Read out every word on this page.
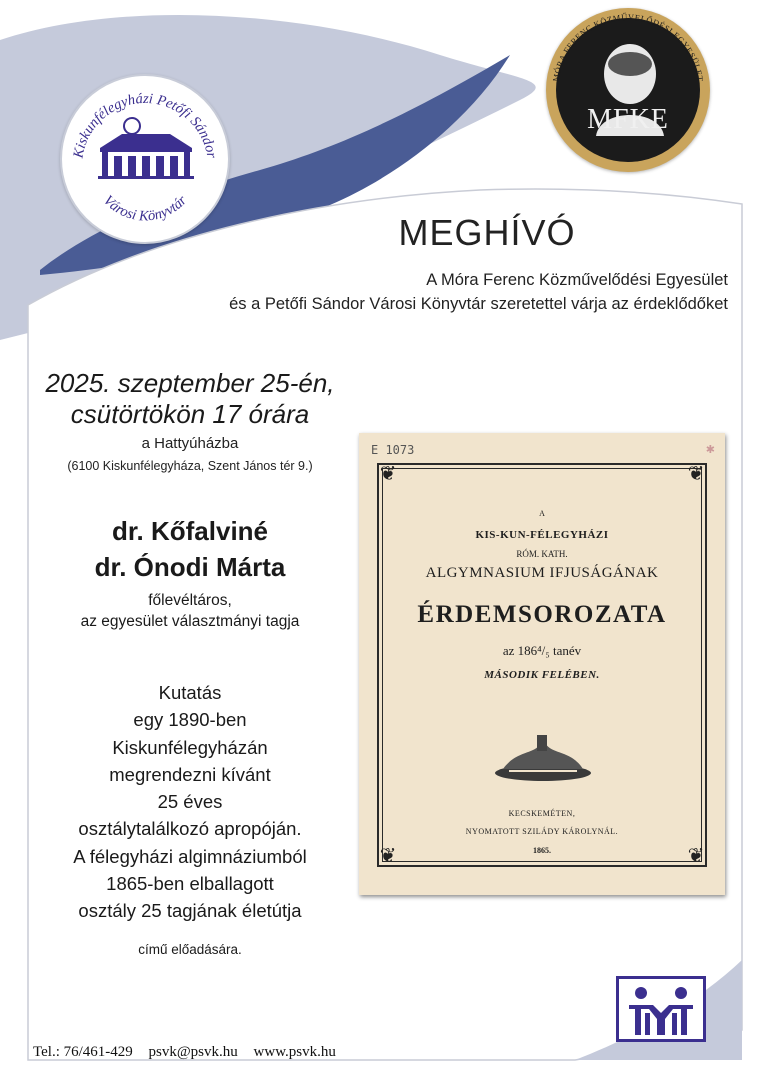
Kiskunfélegyházi Petőfi Sándor
Városi Könyvtár
MFKE
MÓRA FERENC KÖZMŰVELŐDÉSI EGYESÜLET
MEGHÍVÓ
A Móra Ferenc Közművelődési Egyesület
és a Petőfi Sándor Városi Könyvtár szeretettel várja az érdeklődőket
2025. szeptember 25-én,
csütörtökön 17 órára
a Hattyúházba
(6100 Kiskunfélegyháza, Szent János tér 9.)
dr. Kőfalviné
dr. Ónodi Márta
főlevéltáros,
az egyesület választmányi tagja
Kutatás
egy 1890-ben
Kiskunfélegyházán
megrendezni kívánt
25 éves
osztálytalálkozó apropóján.
A félegyházi algimnáziumból
1865-ben elballagott
osztály 25 tagjának életútja
című előadására.
E 1073	✱
❦	❦
❦	❦
A
KIS-KUN-FÉLEGYHÁZI
RÓM. KATH.
ALGYMNASIUM IFJUSÁGÁNAK
ÉRDEMSOROZATA
az 186⁴/₅ tanév
MÁSODIK FELÉBEN.
KECSKEMÉTEN,
NYOMATOTT SZILÁDY KÁROLYNÁL.
1865.
Tel.: 76/461-429 psvk@psvk.hu www.psvk.hu
